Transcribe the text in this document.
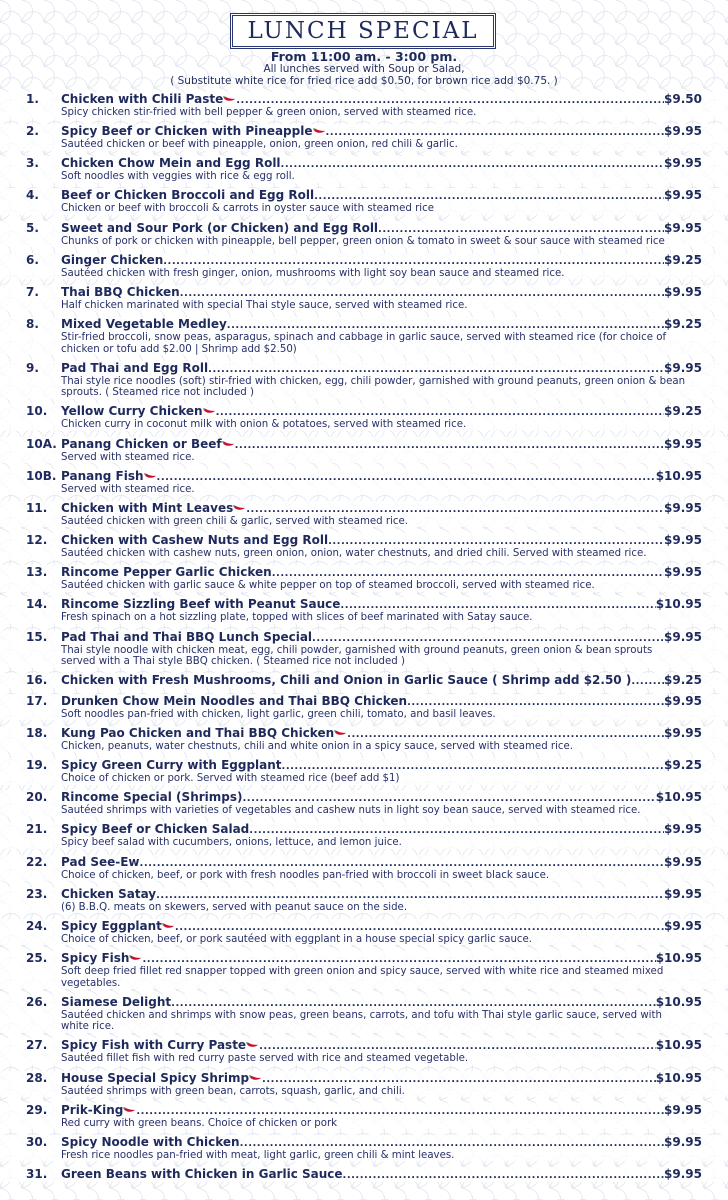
LUNCH SPECIAL
From 11:00 am. - 3:00 pm.
All lunches served with Soup or Salad,
( Substitute white rice for fried rice add $0.50, for brown rice add $0.75. )
1. Chicken with Chili Paste .....	$9.50
Spicy chicken stir-fried with bell pepper & green onion, served with steamed rice.
2. Spicy Beef or Chicken with Pineapple .....	$9.95
Sautéed chicken or beef with pineapple, onion, green onion, red chili & garlic.
3. Chicken Chow Mein and Egg Roll .....	$9.95
Soft noodles with veggies with rice & egg roll.
4. Beef or Chicken Broccoli and Egg Roll .....	$9.95
Chicken or beef with broccoli & carrots in oyster sauce with steamed rice
5. Sweet and Sour Pork (or Chicken) and Egg Roll .....	$9.95
Chunks of pork or chicken with pineapple, bell pepper, green onion & tomato in sweet & sour sauce with steamed rice
6. Ginger Chicken .....	$9.25
Sautéed chicken with fresh ginger, onion, mushrooms with light soy bean sauce and steamed rice.
7. Thai BBQ Chicken .....	$9.95
Half chicken marinated with special Thai style sauce, served with steamed rice.
8. Mixed Vegetable Medley .....	$9.25
Stir-fried broccoli, snow peas, asparagus, spinach and cabbage in garlic sauce, served with steamed rice (for choice of chicken or tofu add $2.00 | Shrimp add $2.50)
9. Pad Thai and Egg Roll .....	$9.95
Thai style rice noodles (soft) stir-fried with chicken, egg, chili powder, garnished with ground peanuts, green onion & bean sprouts. ( Steamed rice not included )
10. Yellow Curry Chicken .....	$9.25
Chicken curry in coconut milk with onion & potatoes, served with steamed rice.
10A. Panang Chicken or Beef .....	$9.95
Served with steamed rice.
10B. Panang Fish .....	$10.95
Served with steamed rice.
11. Chicken with Mint Leaves .....	$9.95
Sautéed chicken with green chili & garlic, served with steamed rice.
12. Chicken with Cashew Nuts and Egg Roll .....	$9.95
Sautéed chicken with cashew nuts, green onion, onion, water chestnuts, and dried chili. Served with steamed rice.
13. Rincome Pepper Garlic Chicken .....	$9.95
Sautéed chicken with garlic sauce & white pepper on top of steamed broccoli, served with steamed rice.
14. Rincome Sizzling Beef with Peanut Sauce .....	$10.95
Fresh spinach on a hot sizzling plate, topped with slices of beef marinated with Satay sauce.
15. Pad Thai and Thai BBQ Lunch Special .....	$9.95
Thai style noodle with chicken meat, egg, chili powder, garnished with ground peanuts, green onion & bean sprouts served with a Thai style BBQ chicken. ( Steamed rice not included )
16. Chicken with Fresh Mushrooms, Chili and Onion in Garlic Sauce ( Shrimp add $2.50 ) .....	$9.25
17. Drunken Chow Mein Noodles and Thai BBQ Chicken .....	$9.95
Soft noodles pan-fried with chicken, light garlic, green chili, tomato, and basil leaves.
18. Kung Pao Chicken and Thai BBQ Chicken .....	$9.95
Chicken, peanuts, water chestnuts, chili and white onion in a spicy sauce, served with steamed rice.
19. Spicy Green Curry with Eggplant .....	$9.25
Choice of chicken or pork. Served with steamed rice (beef add $1)
20. Rincome Special (Shrimps) .....	$10.95
Sautéed shrimps with varieties of vegetables and cashew nuts in light soy bean sauce, served with steamed rice.
21. Spicy Beef or Chicken Salad .....	$9.95
Spicy beef salad with cucumbers, onions, lettuce, and lemon juice.
22. Pad See-Ew .....	$9.95
Choice of chicken, beef, or pork with fresh noodles pan-fried with broccoli in sweet black sauce.
23. Chicken Satay .....	$9.95
(6) B.B.Q. meats on skewers, served with peanut sauce on the side.
24. Spicy Eggplant .....	$9.95
Choice of chicken, beef, or pork sautéed with eggplant in a house special spicy garlic sauce.
25. Spicy Fish .....	$10.95
Soft deep fried fillet red snapper topped with green onion and spicy sauce, served with white rice and steamed mixed vegetables.
26. Siamese Delight .....	$10.95
Sautéed chicken and shrimps with snow peas, green beans, carrots, and tofu with Thai style garlic sauce, served with white rice.
27. Spicy Fish with Curry Paste .....	$10.95
Sautéed fillet fish with red curry paste served with rice and steamed vegetable.
28. House Special Spicy Shrimp .....	$10.95
Sautéed shrimps with green bean, carrots, squash, garlic, and chili.
29. Prik-King .....	$9.95
Red curry with green beans. Choice of chicken or pork
30. Spicy Noodle with Chicken .....	$9.95
Fresh rice noodles pan-fried with meat, light garlic, green chili & mint leaves.
31. Green Beans with Chicken in Garlic Sauce .....	$9.95
